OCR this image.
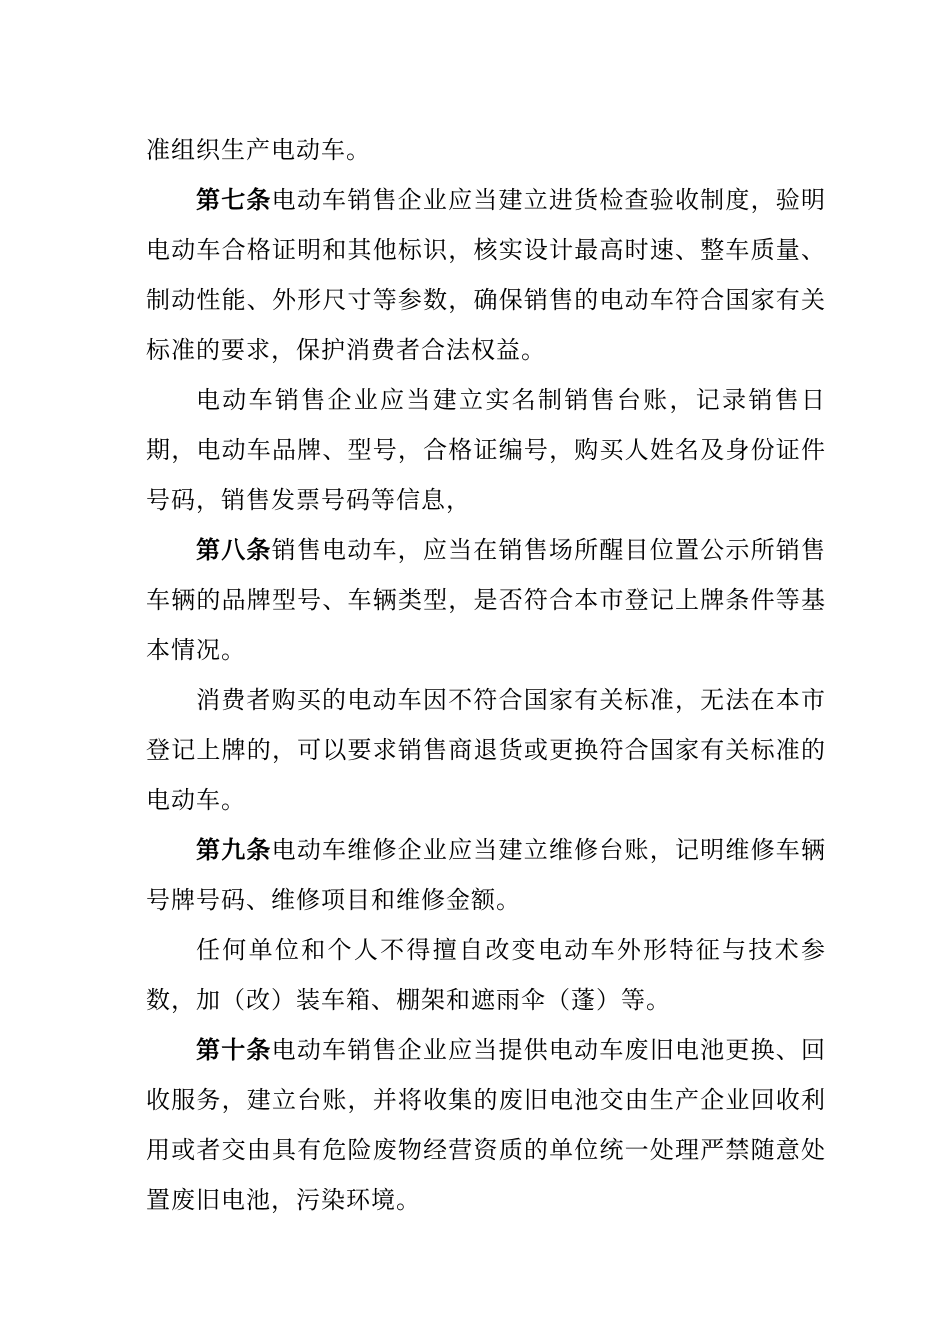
准组织生产电动车。

第七条电动车销售企业应当建立进货检查验收制度，验明电动车合格证明和其他标识，核实设计最高时速、整车质量、制动性能、外形尺寸等参数，确保销售的电动车符合国家有关标准的要求，保护消费者合法权益。

电动车销售企业应当建立实名制销售台账，记录销售日期，电动车品牌、型号，合格证编号，购买人姓名及身份证件号码，销售发票号码等信息，

第八条销售电动车，应当在销售场所醒目位置公示所销售车辆的品牌型号、车辆类型，是否符合本市登记上牌条件等基本情况。

消费者购买的电动车因不符合国家有关标准，无法在本市登记上牌的，可以要求销售商退货或更换符合国家有关标准的电动车。

第九条电动车维修企业应当建立维修台账，记明维修车辆号牌号码、维修项目和维修金额。

任何单位和个人不得擅自改变电动车外形特征与技术参数，加（改）装车箱、棚架和遮雨伞（蓬）等。

第十条电动车销售企业应当提供电动车废旧电池更换、回收服务，建立台账，并将收集的废旧电池交由生产企业回收利用或者交由具有危险废物经营资质的单位统一处理严禁随意处置废旧电池，污染环境。
